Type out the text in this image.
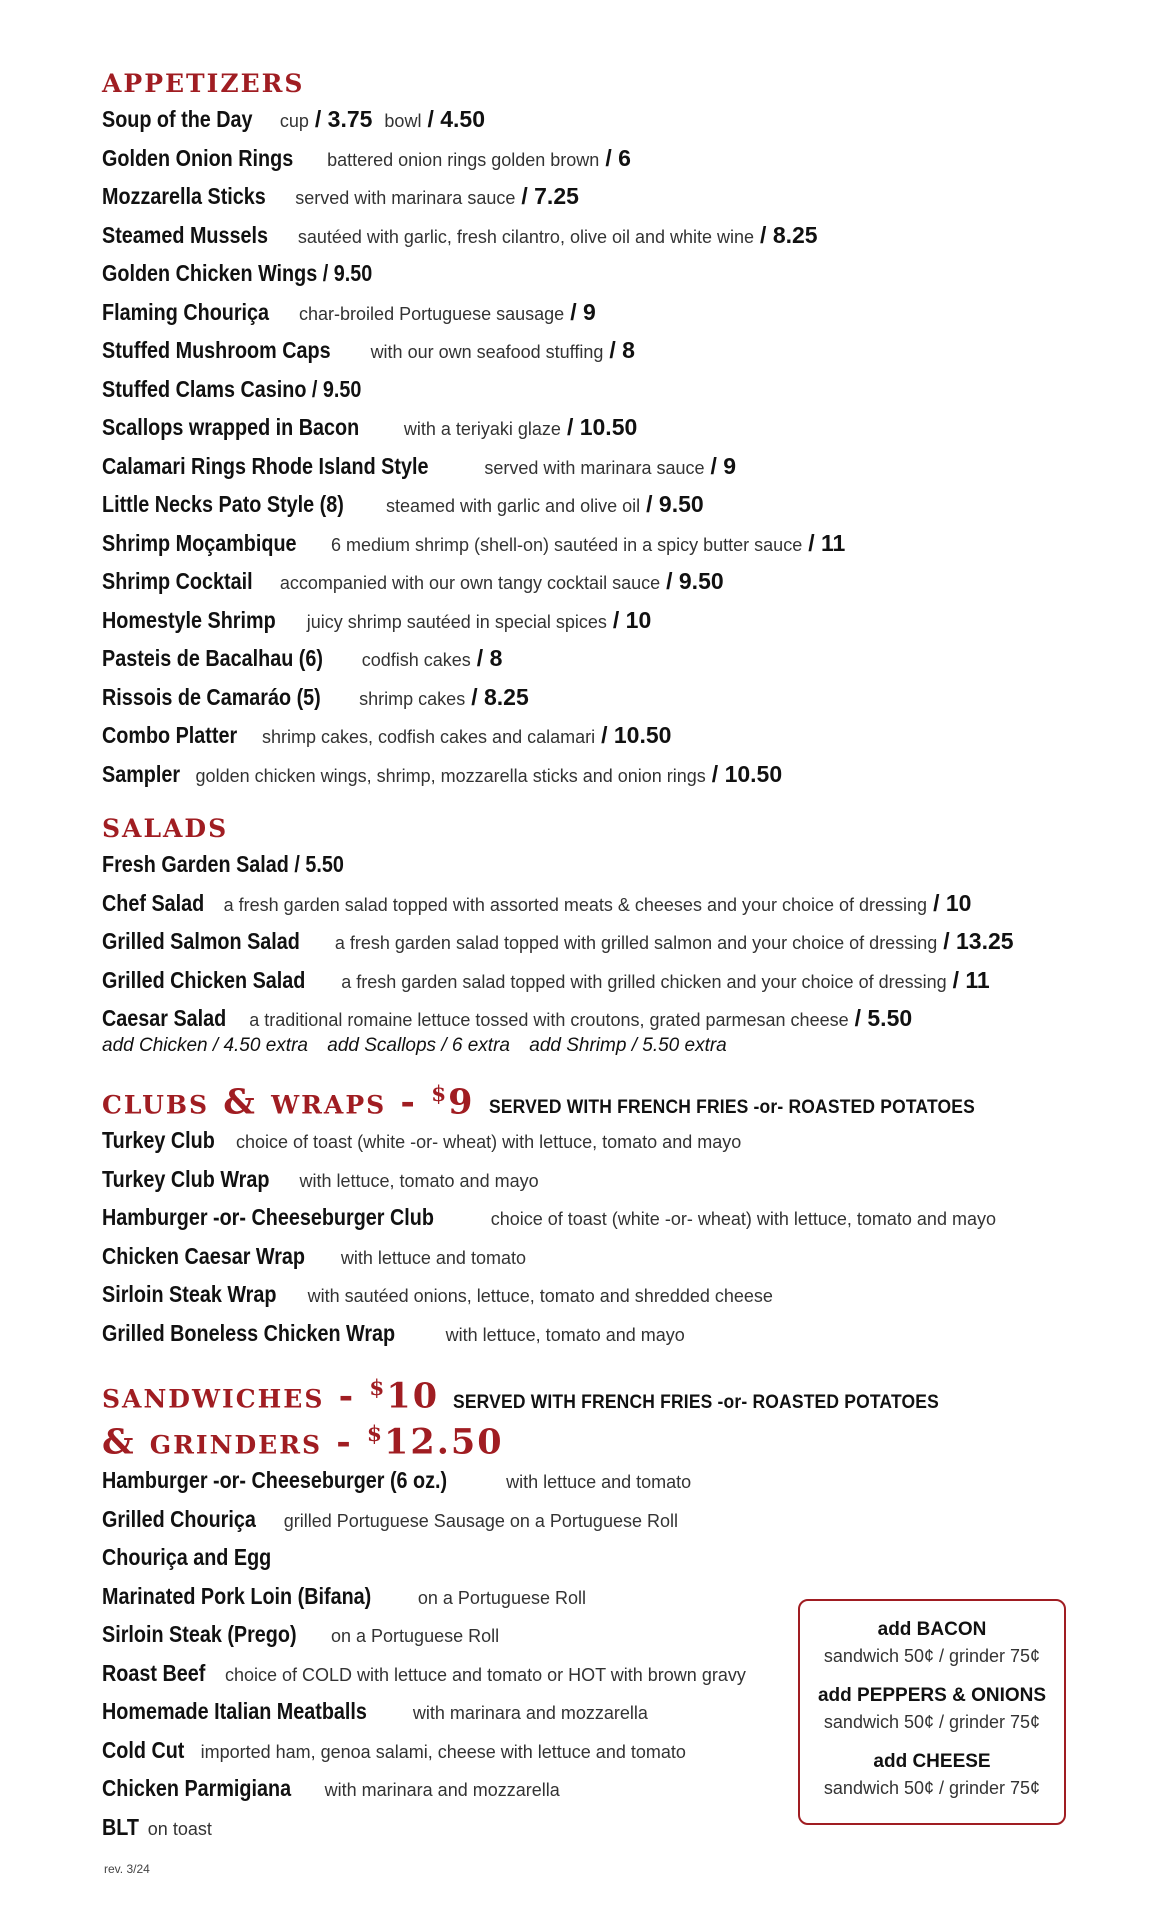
appetizers
Soup of the Day cup / 3.75 bowl / 4.50
Golden Onion Rings battered onion rings golden brown / 6
Mozzarella Sticks served with marinara sauce / 7.25
Steamed Mussels sautéed with garlic, fresh cilantro, olive oil and white wine / 8.25
Golden Chicken Wings / 9.50
Flaming Chouriça char-broiled Portuguese sausage / 9
Stuffed Mushroom Caps with our own seafood stuffing / 8
Stuffed Clams Casino / 9.50
Scallops wrapped in Bacon with a teriyaki glaze / 10.50
Calamari Rings Rhode Island Style	served with marinara sauce / 9
Little Necks Pato Style (8) steamed with garlic and olive oil / 9.50
Shrimp Moçambique 6 medium shrimp (shell-on) sautéed in a spicy butter sauce / 11
Shrimp Cocktail accompanied with our own tangy cocktail sauce / 9.50
Homestyle Shrimp juicy shrimp sautéed in special spices / 10
Pasteis de Bacalhau (6) codfish cakes / 8
Rissois de Camaráo (5) shrimp cakes / 8.25
Combo Platter shrimp cakes, codfish cakes and calamari / 10.50
Sampler golden chicken wings, shrimp, mozzarella sticks and onion rings / 10.50
salads
Fresh Garden Salad / 5.50
Chef Salad a fresh garden salad topped with assorted meats & cheeses and your choice of dressing / 10
Grilled Salmon Salad a fresh garden salad topped with grilled salmon and your choice of dressing / 13.25
Grilled Chicken Salad a fresh garden salad topped with grilled chicken and your choice of dressing / 11
Caesar Salad a traditional romaine lettuce tossed with croutons, grated parmesan cheese / 5.50
add Chicken / 4.50 extra add Scallops / 6 extra add Shrimp / 5.50 extra
clubs & wraps - $9 SERVED WITH FRENCH FRIES -or- ROASTED POTATOES
Turkey Club choice of toast (white -or- wheat) with lettuce, tomato and mayo
Turkey Club Wrap with lettuce, tomato and mayo
Hamburger -or- Cheeseburger Club	choice of toast (white -or- wheat) with lettuce, tomato and mayo
Chicken Caesar Wrap with lettuce and tomato
Sirloin Steak Wrap with sautéed onions, lettuce, tomato and shredded cheese
Grilled Boneless Chicken Wrap	with lettuce, tomato and mayo
sandwiches - $10 SERVED WITH FRENCH FRIES -or- ROASTED POTATOES
& grinders - $12.50
Hamburger -or- Cheeseburger (6 oz.)	with lettuce and tomato
Grilled Chouriça grilled Portuguese Sausage on a Portuguese Roll
Chouriça and Egg
Marinated Pork Loin (Bifana)	on a Portuguese Roll
Sirloin Steak (Prego) on a Portuguese Roll
Roast Beef choice of COLD with lettuce and tomato or HOT with brown gravy
Homemade Italian Meatballs	with marinara and mozzarella
Cold Cut imported ham, genoa salami, cheese with lettuce and tomato
Chicken Parmigiana with marinara and mozzarella
BLT on toast
add BACON
sandwich 50¢ / grinder 75¢
add PEPPERS & ONIONS
sandwich 50¢ / grinder 75¢
add CHEESE
sandwich 50¢ / grinder 75¢
rev. 3/24
